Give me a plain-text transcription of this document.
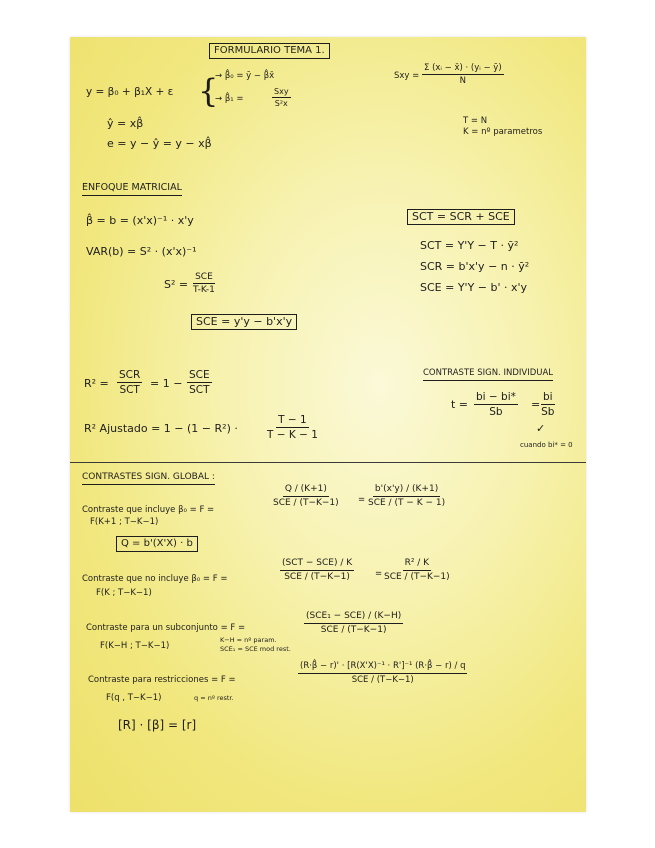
FORMULARIO TEMA 1.
y = β₀ + β₁X + ε {
→ β̂₀ = ȳ − β̂x̄
→ β̂₁ =
Sxy
S²x
ŷ = xβ̂
e = y − ŷ = y − xβ̂
Sxy = $\frac{\text{Σ (xᵢ − x̄) · (yᵢ − ȳ)}}{N}$
T = N
K = nº parametros
ENFOQUE MATRICIAL
β̂ = b = (x'x)⁻¹ · x'y
VAR(b) = S² · (x'x)⁻¹
S² =
SCE
T-K-1
SCE = y'y − b'x'y
SCT = SCR + SCE
SCT = Y'Y − T · ȳ²
SCR = b'x'y − n · ȳ²
SCE = Y'Y − b' · x'y
R² =
SCR
SCT = 1 −
SCE
SCT
R² Ajustado = 1 − (1 − R²) ·	$\frac{T - 1}{T - K - 1}$
CONTRASTE SIGN. INDIVIDUAL
$t = \frac{bi - bi*}{Sb} = \frac{bi}{Sb}$
✓
cuando bi* = 0
CONTRASTES SIGN. GLOBAL :
Contraste que incluye β₀ = F =
Q / (K+1)
SCE / (T−K−1) =
b'(x'y) / (K+1)
SCE / (T − K − 1)
F(K+1 ; T−K−1)
Q = b'(X'X) · b
Contraste que no incluye β₀ = F =
(SCT − SCE) / K
SCE / (T−K−1)	=
R² / K
SCE / (T−K−1)
F(K ; T−K−1)
Contraste para un subconjunto = F =
(SCE₁ − SCE) / (K−H)
SCE / (T−K−1)
F(K−H ; T−K−1)
K−H = nº param.
SCE₁ = SCE mod rest.
Contraste para restricciones = F =
(R·β̂ − r)' · [R(X'X)⁻¹ · R']⁻¹ (R·β̂ − r) / q
SCE / (T−K−1)
F(q , T−K−1)	q = nº restr.
[R] · [β] = [r]
